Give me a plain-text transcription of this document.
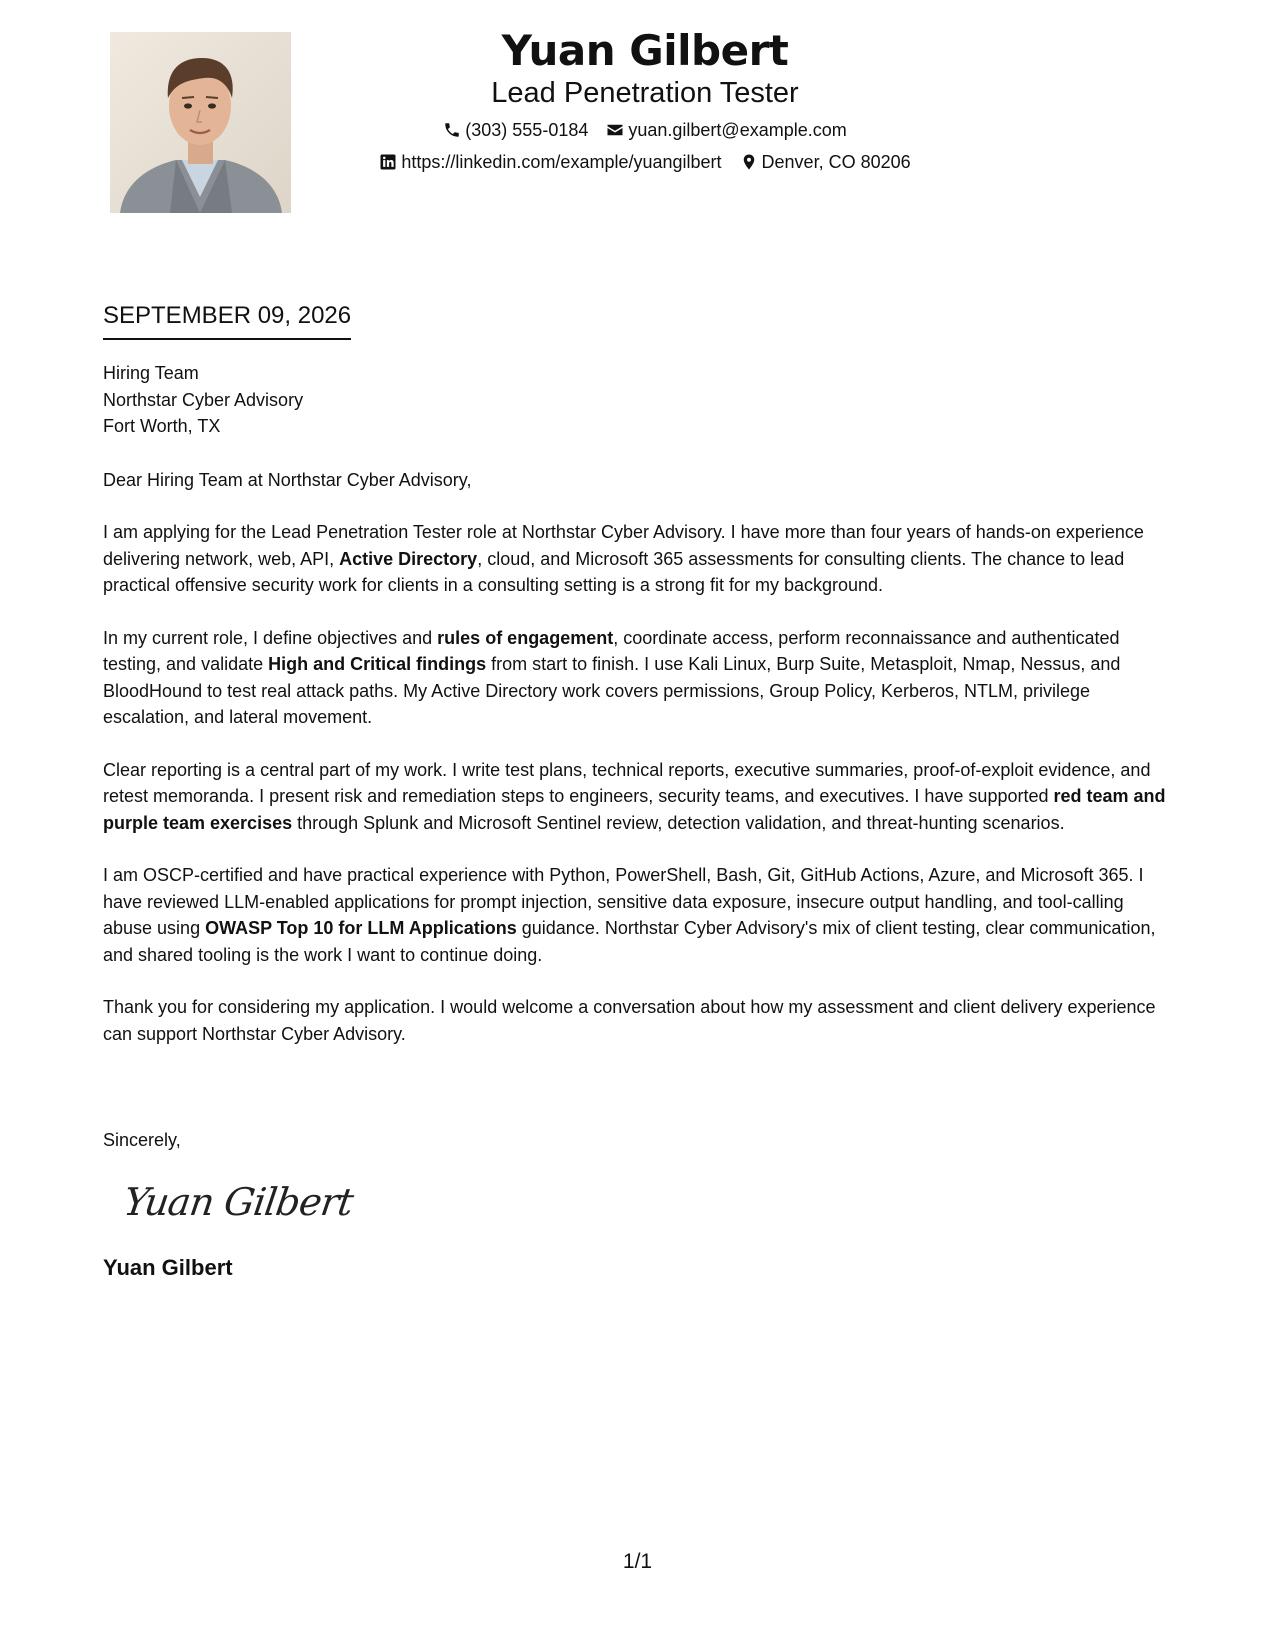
Yuan Gilbert
Lead Penetration Tester
(303) 555-0184 yuan.gilbert@example.com
https://linkedin.com/example/yuangilbert Denver, CO 80206
SEPTEMBER 09, 2026
Hiring Team
Northstar Cyber Advisory
Fort Worth, TX
Dear Hiring Team at Northstar Cyber Advisory,

I am applying for the Lead Penetration Tester role at Northstar Cyber Advisory. I have more than four years of hands-on experience delivering network, web, API, Active Directory, cloud, and Microsoft 365 assessments for consulting clients. The chance to lead practical offensive security work for clients in a consulting setting is a strong fit for my background.

In my current role, I define objectives and rules of engagement, coordinate access, perform reconnaissance and authenticated testing, and validate High and Critical findings from start to finish. I use Kali Linux, Burp Suite, Metasploit, Nmap, Nessus, and BloodHound to test real attack paths. My Active Directory work covers permissions, Group Policy, Kerberos, NTLM, privilege escalation, and lateral movement.

Clear reporting is a central part of my work. I write test plans, technical reports, executive summaries, proof-of-exploit evidence, and retest memoranda. I present risk and remediation steps to engineers, security teams, and executives. I have supported red team and purple team exercises through Splunk and Microsoft Sentinel review, detection validation, and threat-hunting scenarios.

I am OSCP-certified and have practical experience with Python, PowerShell, Bash, Git, GitHub Actions, Azure, and Microsoft 365. I have reviewed LLM-enabled applications for prompt injection, sensitive data exposure, insecure output handling, and tool-calling abuse using OWASP Top 10 for LLM Applications guidance. Northstar Cyber Advisory's mix of client testing, clear communication, and shared tooling is the work I want to continue doing.

Thank you for considering my application. I would welcome a conversation about how my assessment and client delivery experience can support Northstar Cyber Advisory.

Sincerely,
Yuan Gilbert
Yuan Gilbert
1/1
